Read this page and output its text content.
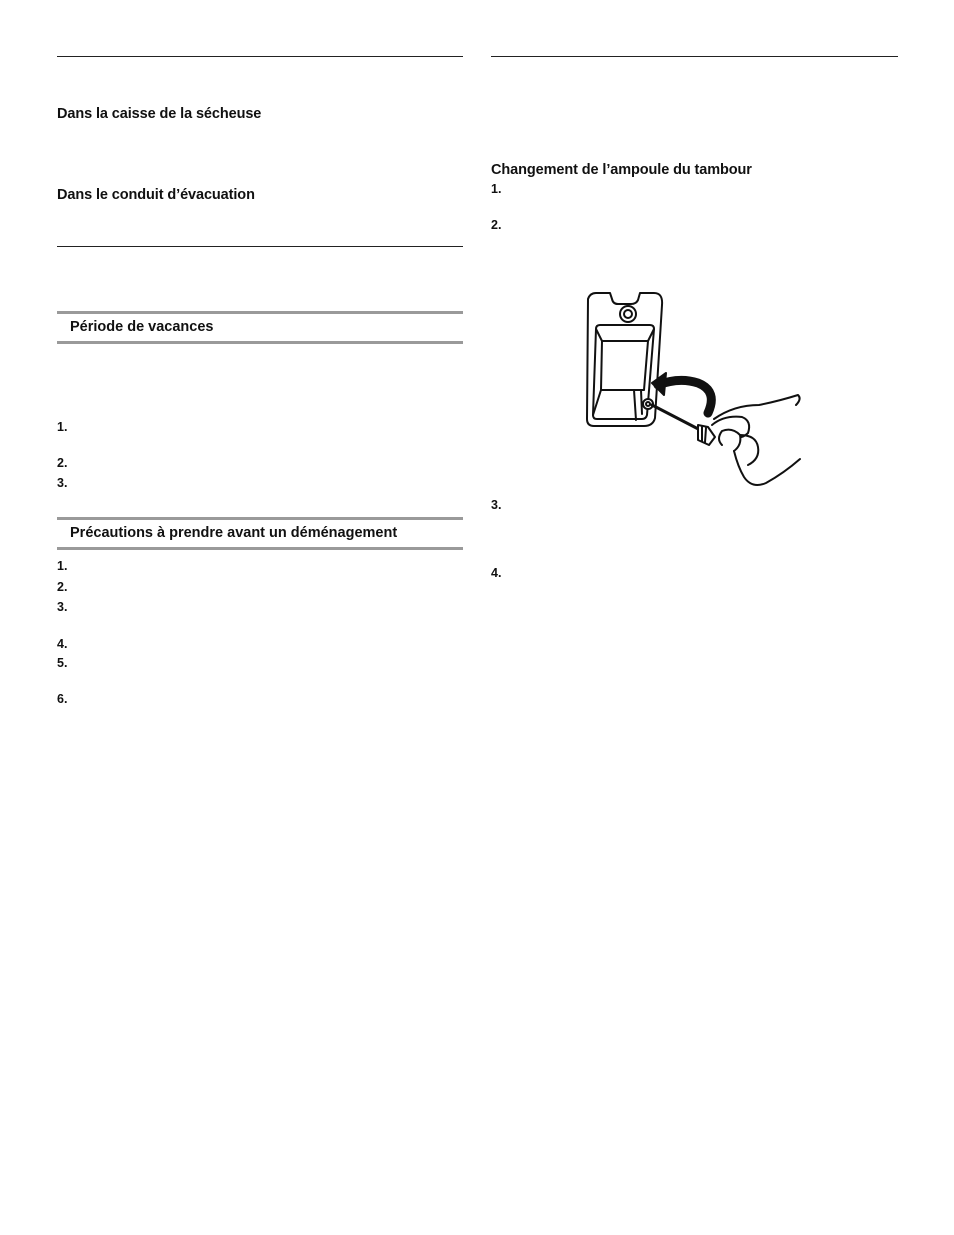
Dans la caisse de la sécheuse
Dans le conduit d’évacuation
Période de vacances
1.
2.
3.
Précautions à prendre avant un déménagement
1.
2.
3.
4.
5.
6.
Changement de l’ampoule du tambour
1.
2.
3.
4.
